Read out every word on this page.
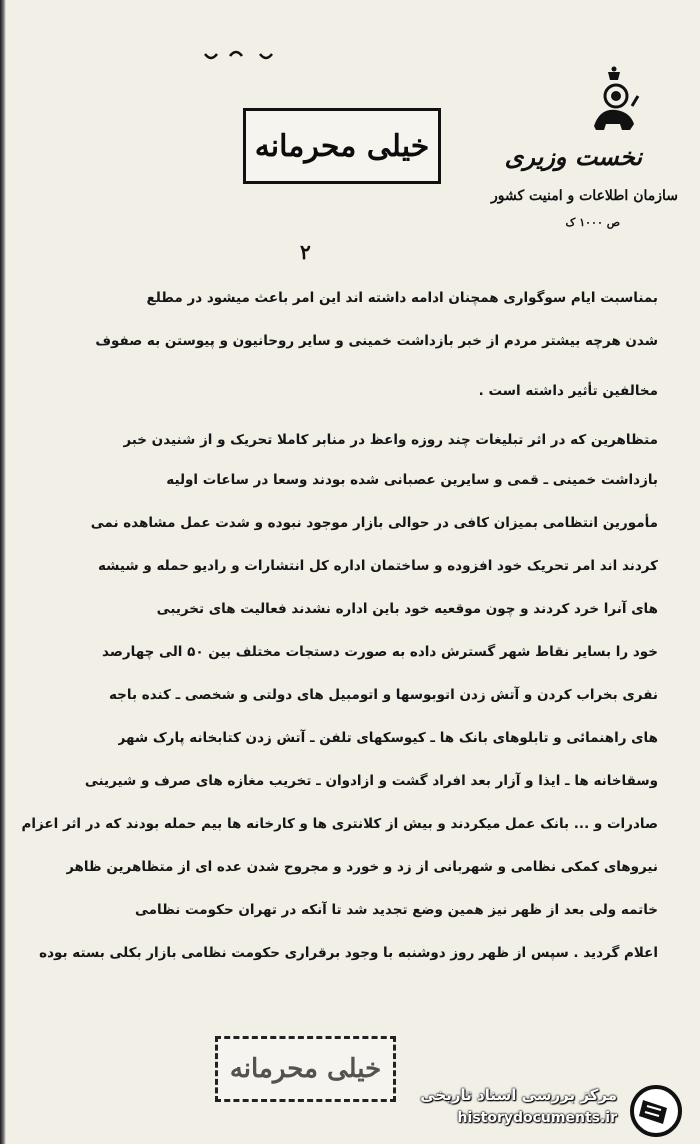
خیلی محرمانه	نخست وزیری
سازمان اطلاعات و امنیت کشور
ص ۱۰۰۰ ک
۲
بمناسبت ایام سوگواری همچنان ادامه داشته اند این امر باعث میشود در مطلع
شدن هرچه بیشتر مردم از خبر بازداشت خمینی و سایر روحانیون و پیوستن به صفوف
مخالفین تأثیر داشته است .
متظاهرین که در اثر تبلیغات چند روزه واعظ در منابر کاملا تحریک و از شنیدن خبر
بازداشت خمینی ـ قمی و سایرین عصبانی شده بودند وسعا در ساعات اولیه
مأمورین انتظامی بمیزان کافی در حوالی بازار موجود نبوده و شدت عمل مشاهده نمی
کردند اند امر تحریک خود افزوده و ساختمان اداره کل انتشارات و رادیو حمله و شیشه
های آنرا خرد کردند و چون موقعیه خود باین اداره نشدند فعالیت های تخریبی
خود را بسایر نقاط شهر گسترش داده به صورت دستجات مختلف بین ۵۰ الی چهارصد
نفری بخراب کردن و آتش زدن اتوبوسها و اتومبیل های دولتی و شخصی ـ کنده باجه
های راهنمائی و تابلوهای بانک ها ـ کیوسکهای تلفن ـ آتش زدن کتابخانه پارک شهر
وسقاخانه ها ـ ایذا و آزار بعد افراد گشت و ازادوان ـ تخریب مغازه های صرف و شیرینی
صادرات و ... بانک عمل میکردند و بیش از کلانتری ها و کارخانه ها بیم حمله بودند که در اثر اعزام
نیروهای کمکی نظامی و شهربانی از زد و خورد و مجروح شدن عده ای از متظاهرین ظاهر
خاتمه ولی بعد از ظهر نیز همین وضع تجدید شد تا آنکه در تهران حکومت نظامی
اعلام گردید . سپس از ظهر روز دوشنبه با وجود برقراری حکومت نظامی بازار بکلی بسته بوده
خیلی محرمانه
مرکز بررسی اسناد تاریخی
historydocuments.ir
